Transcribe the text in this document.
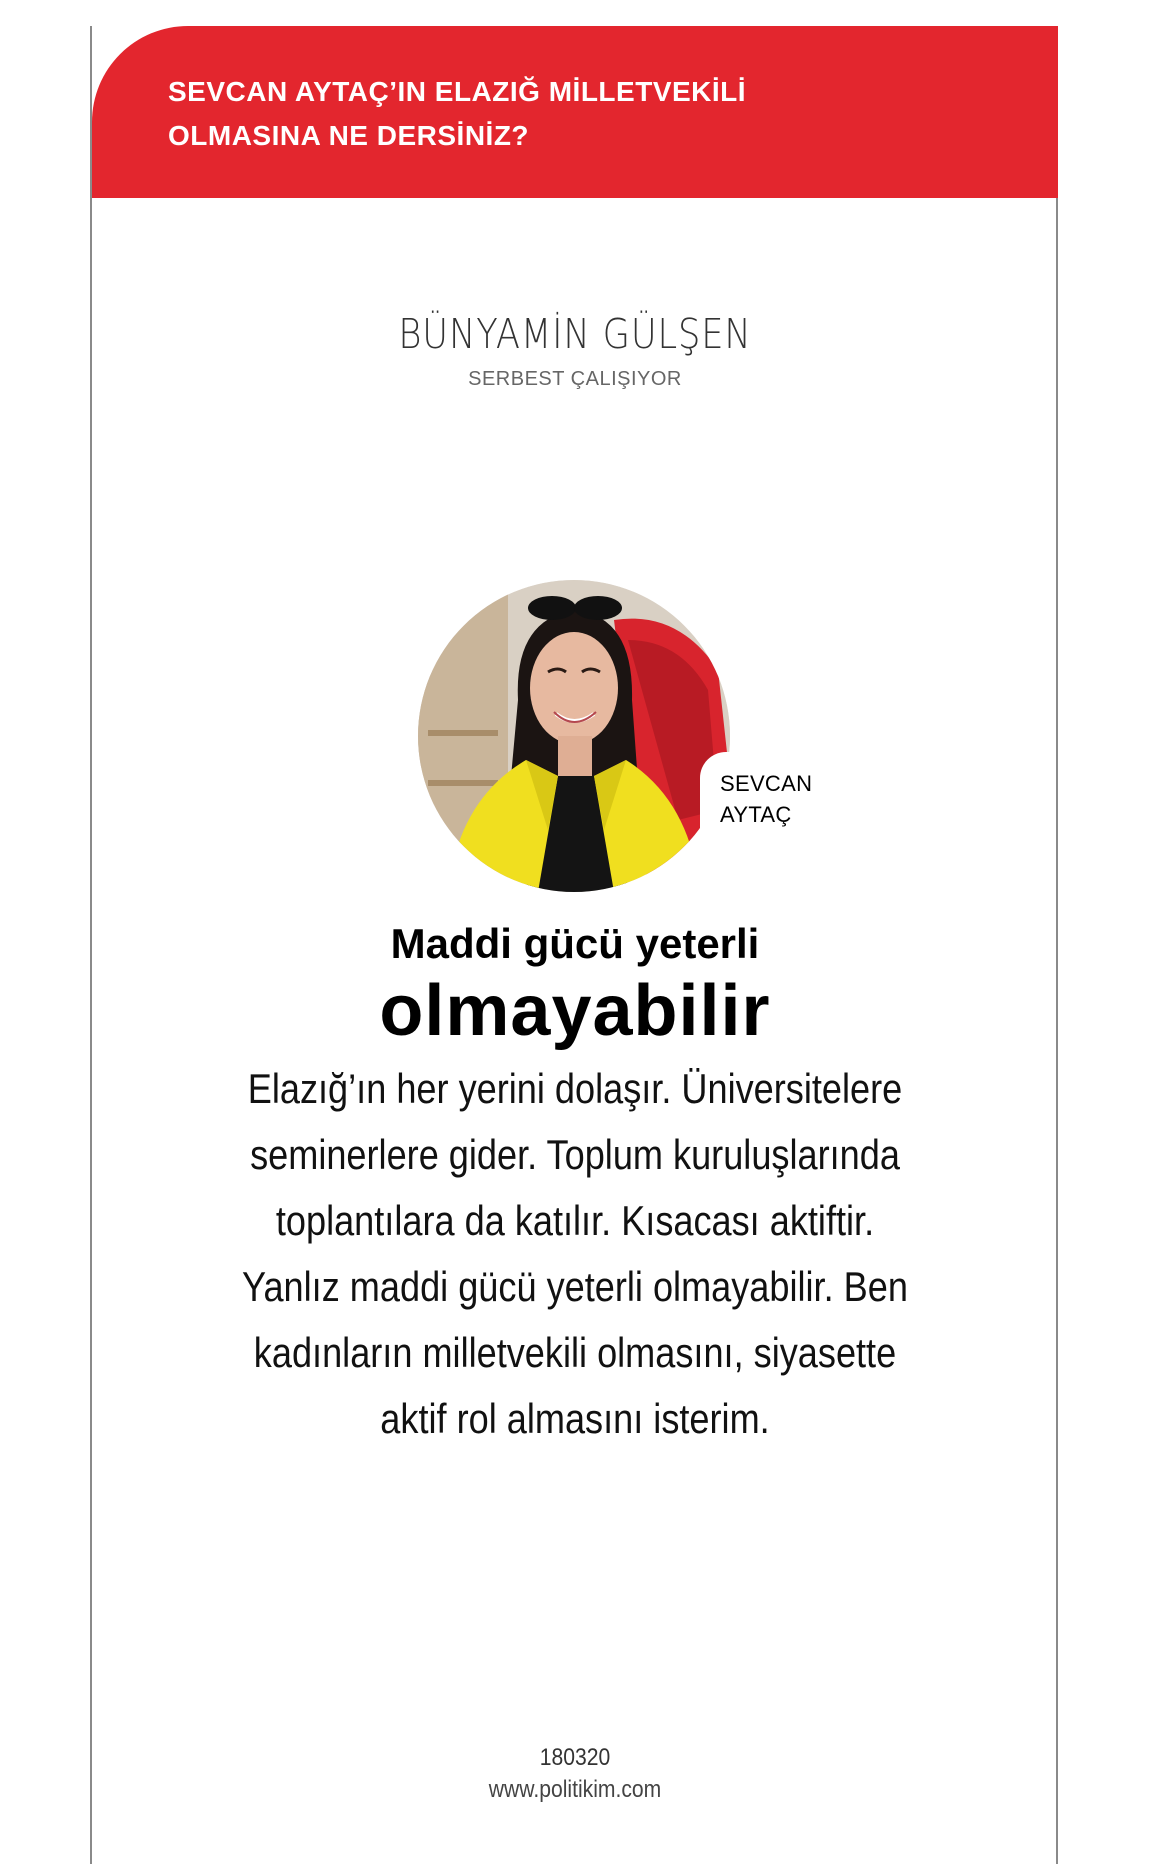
SEVCAN AYTAÇ’IN ELAZIĞ MİLLETVEKİLİ
OLMASINA NE DERSİNİZ?
BÜNYAMİN GÜLŞEN
SERBEST ÇALIŞIYOR
SEVCAN
AYTAÇ
Maddi gücü yeterli
olmayabilir
Elazığ’ın her yerini dolaşır. Üniversitelere
seminerlere gider. Toplum kuruluşlarında
toplantılara da katılır. Kısacası aktiftir.
Yanlız maddi gücü yeterli olmayabilir. Ben
kadınların milletvekili olmasını, siyasette
aktif rol almasını isterim.
180320
www.politikim.com
